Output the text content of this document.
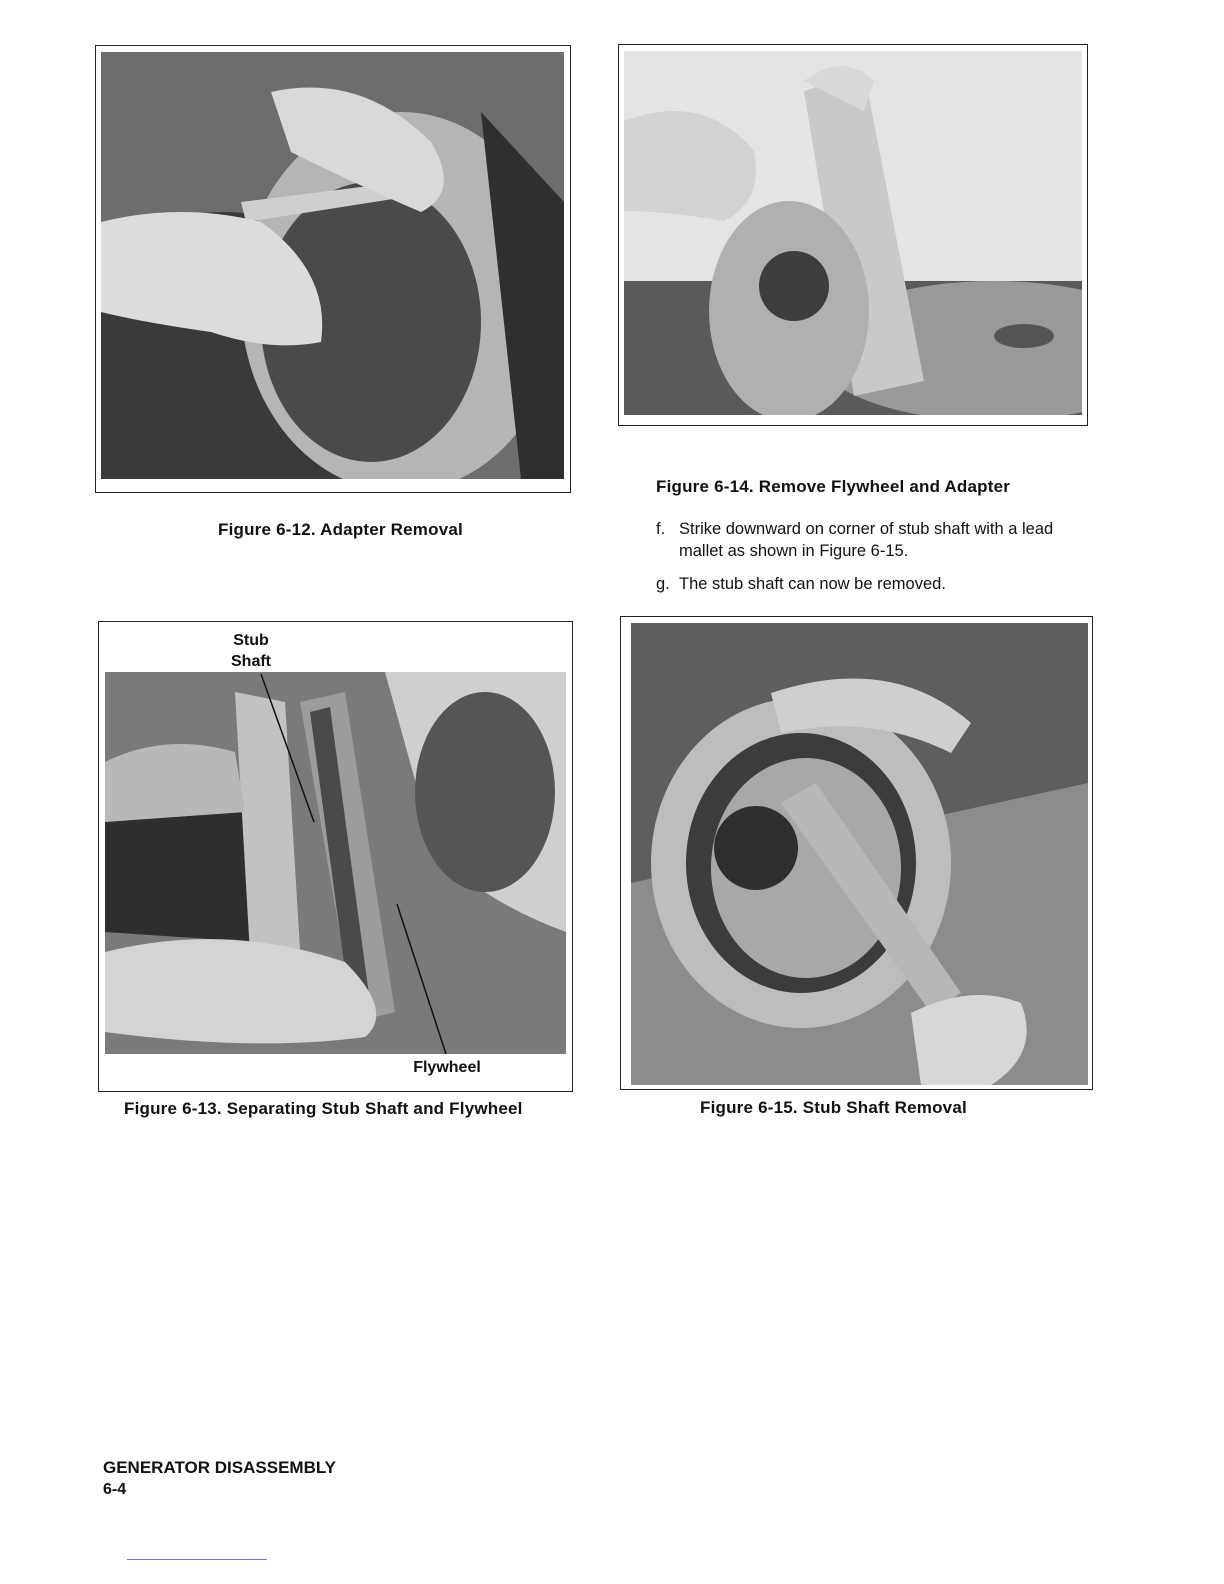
Figure 6-12. Adapter Removal
Figure 6-14. Remove Flywheel and Adapter
f. Strike downward on corner of stub shaft with a lead mallet as shown in Figure 6-15.
g. The stub shaft can now be removed.
Stub
Shaft
Flywheel
Figure 6-13. Separating Stub Shaft and Flywheel	Figure 6-15. Stub Shaft Removal
GENERATOR DISASSEMBLY
6-4
